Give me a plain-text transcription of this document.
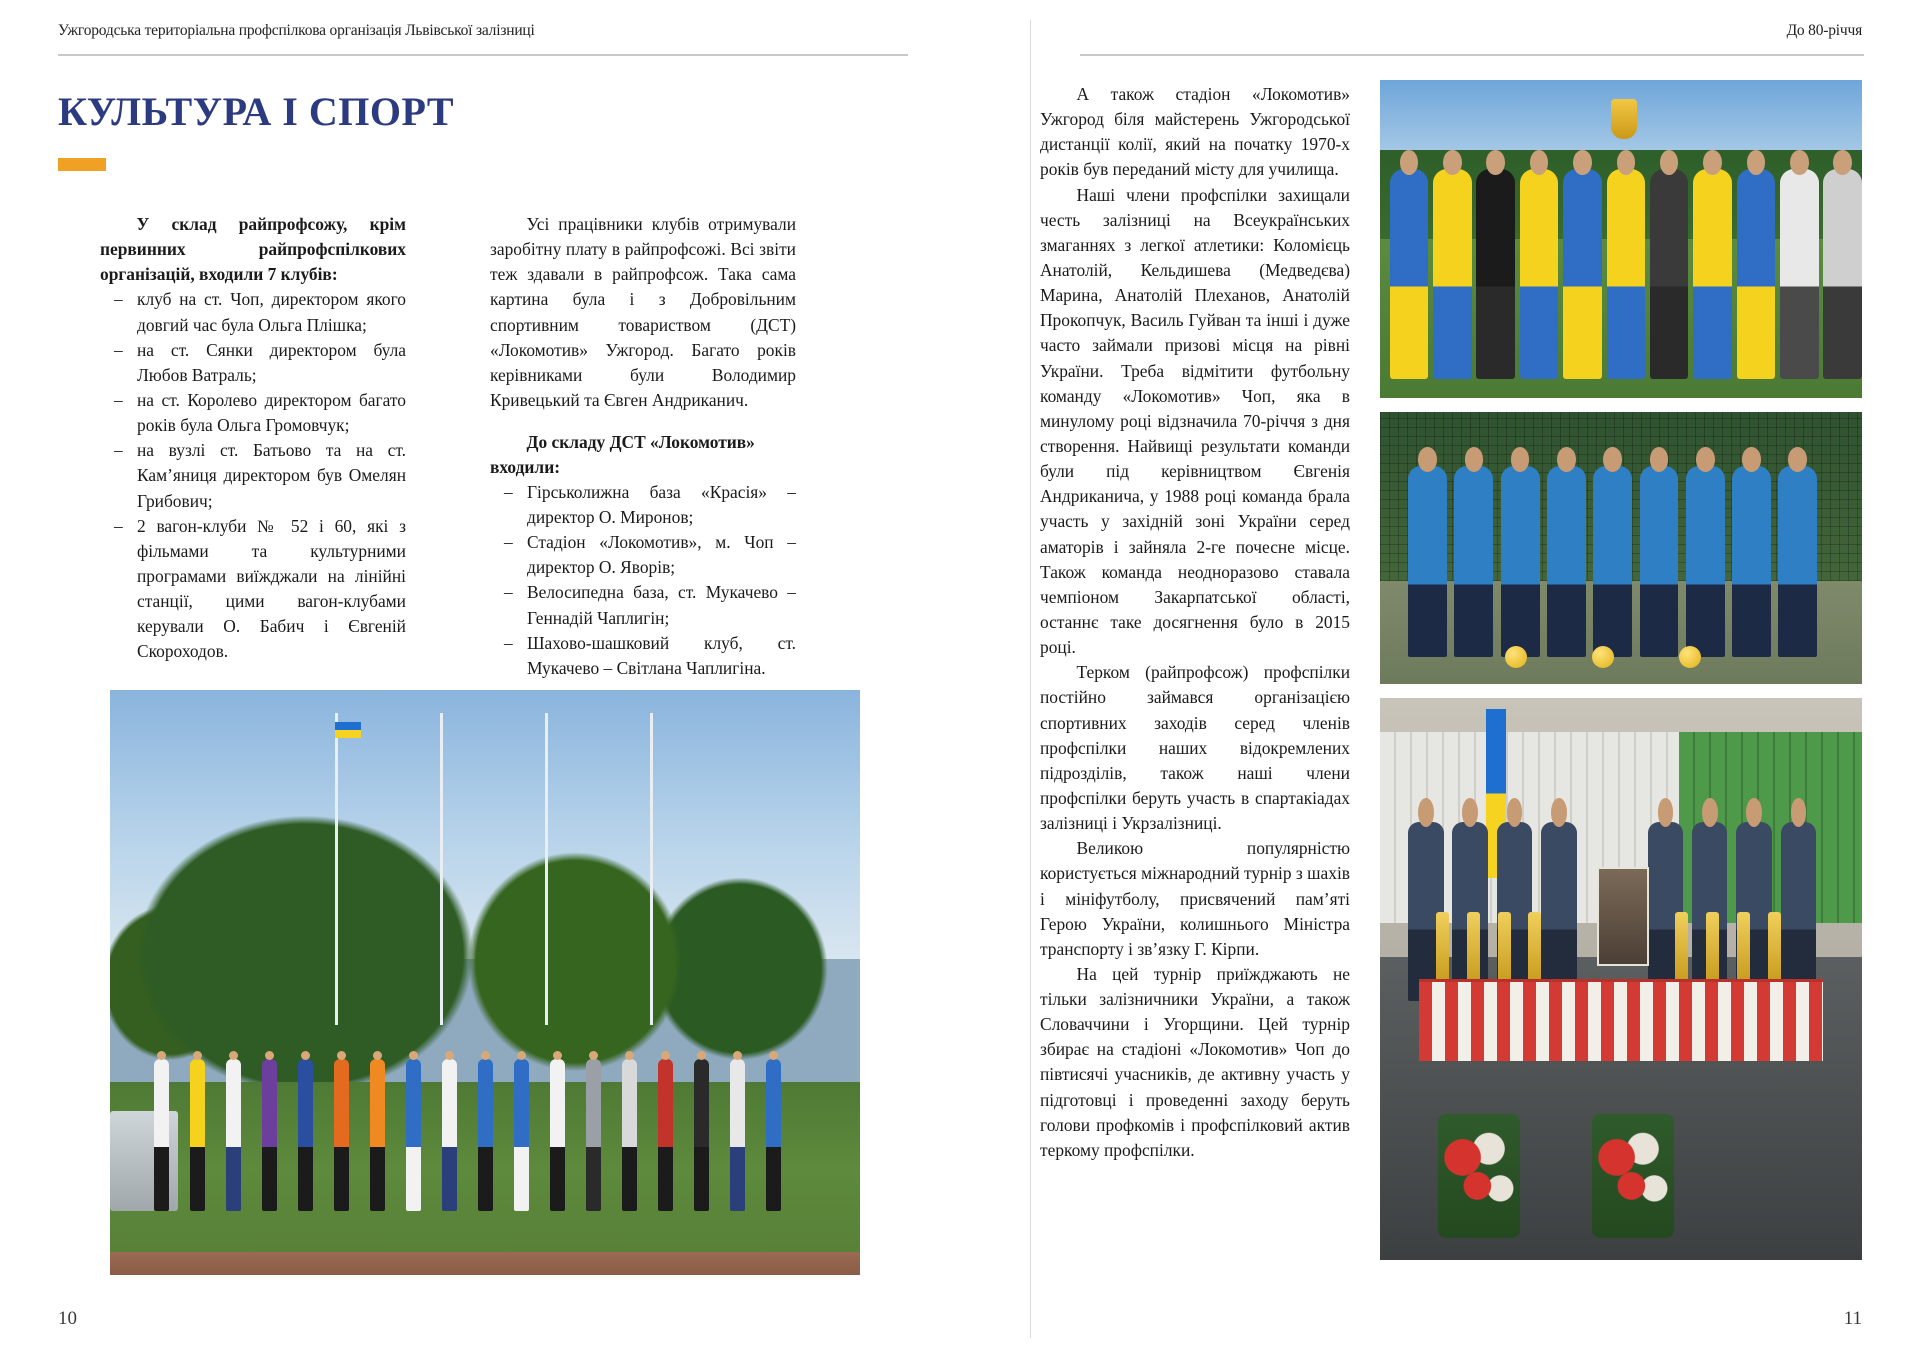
Ужгородська територіальна профспілкова організація Львівської залізниці
КУЛЬТУРА І СПОРТ

У склад райпрофсожу, крім первинних райпрофспілкових організацій, входили 7 клубів:

– клуб на ст. Чоп, директором якого довгий час була Ольга Плішка;
– на ст. Сянки директором була Любов Ватраль;
– на ст. Королево директором багато років була Ольга Громовчук;
– на вузлі ст. Батьово та на ст. Кам’яниця директором був Омелян Грибович;
– 2 вагон-клуби № 52 і 60, які з фільмами та культурними програмами виїжджали на лінійні станції, цими вагон-клубами керували О. Бабич і Євгеній Скороходов.

Усі працівники клубів отримували заробітну плату в райпрофсожі. Всі звіти теж здавали в райпрофсож. Така сама картина була і з Добровільним спортивним товариством (ДСТ) «Локомотив» Ужгород. Багато років керівниками були Володимир Кривецький та Євген Андриканич.

До складу ДСТ «Локомотив» входили:

– Гірськолижна база «Красія» – директор О. Миронов;
– Стадіон «Локомотив», м. Чоп – директор О. Яворів;
– Велосипедна база, ст. Мукачево – Геннадій Чаплигін;
– Шахово-шашковий клуб, ст. Мукачево – Світлана Чаплигіна.
10
До 80-річчя
11

А також стадіон «Локомотив» Ужгород біля майстерень Ужгородської дистанції колії, який на початку 1970-х років був переданий місту для училища.

Наші члени профспілки захищали честь залізниці на Всеукраїнських змаганнях з легкої атлетики: Коломієць Анатолій, Кельдишева (Медведєва) Марина, Анатолій Плеханов, Анатолій Прокопчук, Василь Гуйван та інші і дуже часто займали призові місця на рівні України. Треба відмітити футбольну команду «Локомотив» Чоп, яка в минулому році відзначила 70-річчя з дня створення. Найвищі результати команди були під керівництвом Євгенія Андриканича, у 1988 році команда брала участь у західній зоні України серед аматорів і зайняла 2-ге почесне місце. Також команда неодноразово ставала чемпіоном Закарпатської області, останнє таке досягнення було в 2015 році.

Терком (райпрофсож) профспілки постійно займався організацією спортивних заходів серед членів профспілки наших відокремлених підрозділів, також наші члени профспілки беруть участь в спартакіадах залізниці і Укрзалізниці.

Великою популярністю користується міжнародний турнір з шахів і мініфутболу, присвячений пам’яті Герою України, колишнього Міністра транспорту і зв’язку Г. Кірпи.

На цей турнір приїжджають не тільки залізничники України, а також Словаччини і Угорщини. Цей турнір збирає на стадіоні «Локомотив» Чоп до півтисячі учасників, де активну участь у підготовці і проведенні заходу беруть голови профкомів і профспілковий актив теркому профспілки.
